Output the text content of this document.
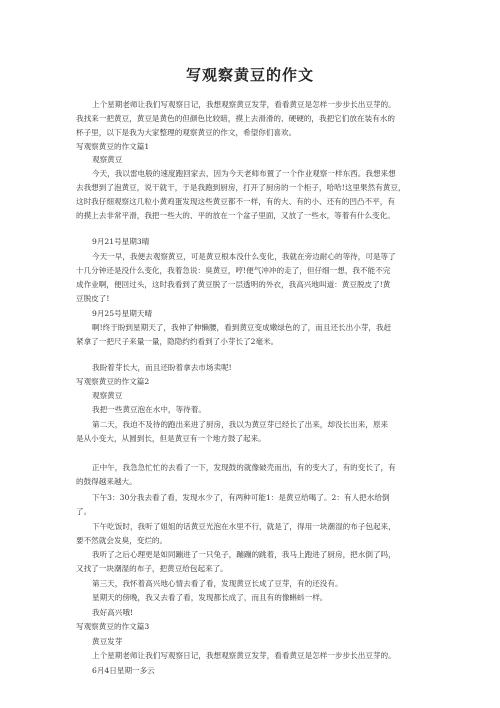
写观察黄豆的作文
上个星期老师让我们写观察日记，我想观察黄豆发芽，看看黄豆是怎样一步步长出豆芽的。
我找来一把黄豆，黄豆是黄色的但颜色比较暗，摸上去滑滑的、硬硬的，我把它们放在装有水的
杯子里，以下是我为大家整理的观察黄豆的作文，希望你们喜欢。
写观察黄豆的作文篇1
观察黄豆
今天，我以雷电般的速度跑回家去，因为今天老师布置了一个作业观察一样东西。我想来想
去我想到了泡黄豆，说干就干，于是我跑到厨房，打开了厨房的一个柜子，哈哈!这里果然有黄豆，
这时我仔细观察这几粒小黄鸡蛋发现这些黄豆都不一样，有的大、有的小、还有的凹凸不平，有
的摸上去非常平滑，我把一些大的、平的放在一个盆子里面，又放了一些水，等着有什么变化。
9月21号星期3晴
今天一早，我便去观察黄豆，可是黄豆根本没什么变化，我就在旁边耐心的等待，可是等了
十几分钟还是没什么变化，我着急说：臭黄豆，哼!便气冲冲的走了，但仔细一想，我不能不完
成作业啊，便回过头，这时我看到了黄豆脱了一层透明的外衣，我高兴地叫道：黄豆脱皮了!黄
豆脱皮了!
9月25号星期天晴
啊!终于盼到星期天了，我伸了伸懒腰，看到黄豆变成嫩绿色的了，而且还长出小芽，我赶
紧拿了一把尺子来量一量，隐隐约约看到了小芽长了2毫米。
我盼着芽长大，而且还盼着拿去市场卖呢!
写观察黄豆的作文篇2
观察黄豆
我把一些黄豆泡在水中，等待着。
第二天，我迫不及待的跑出来进了厨房，我以为黄豆芽已经长了出来，却没长出来，原来
是从小变大，从圆到长，但是黄豆有一个地方鼓了起来。
正中午，我急急忙忙的去看了一下，发现鼓的就像破壳而出，有的变大了，有的变长了，有
的鼓得越来越大。
下午3：30分我去看了看，发现水少了，有两种可能1：是黄豆给喝了。2：有人把水给倒
了。
下午吃饭时，我听了姐姐的话黄豆光泡在水里不行，就是了，得用一块潮湿的布子包起来，
要不然就会发臭，变烂的。
我听了之后心理更是如同蹦进了一只兔子，蹦蹦的跳着，我马上跑进了厨房，把水倒了吗，
又找了一块潮湿的布子，把黄豆给包起来了。
第三天，我怀着高兴地心情去看了看，发现黄豆长成了豆芽，有的还没有。
星期天的傍晚，我又去看了看，发现都长成了，而且有的像蝌蚪一样。
我好高兴哦!
写观察黄豆的作文篇3
黄豆发芽
上个星期老师让我们写观察日记，我想观察黄豆发芽，看看黄豆是怎样一步步长出豆芽的。
6月4日星期一多云
